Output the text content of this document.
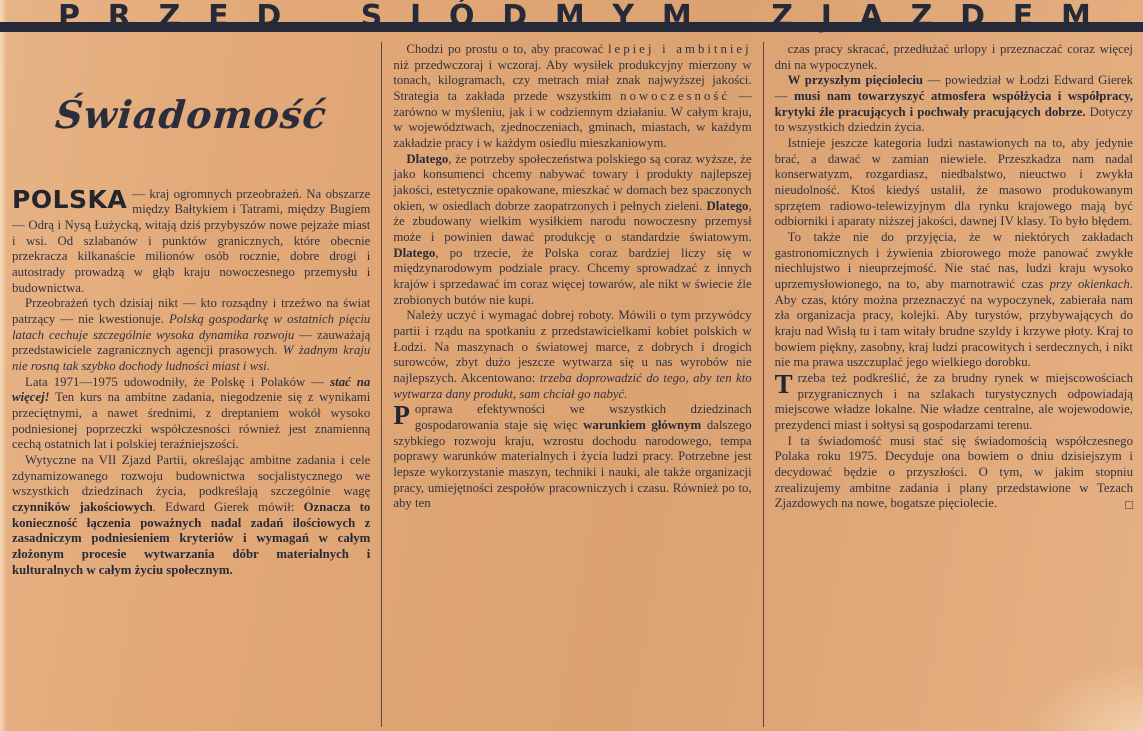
P R Z E D	S I Ó D M Y M	Z J A Z D E M
Świadomość

POLSKA — kraj ogromnych przeobrażeń. Na obszarze między Bałtykiem i Tatrami, między Bugiem — Odrą i Nysą Łużycką, witają dziś przybyszów nowe pejzaże miast i wsi. Od szlabanów i punktów granicznych, które obecnie przekracza kilkanaście milionów osób rocznie, dobre drogi i autostrady prowadzą w głąb kraju nowoczesnego przemysłu i budownictwa.

Przeobrażeń tych dzisiaj nikt — kto rozsądny i trzeźwo na świat patrzący — nie kwestionuje. Polską gospodarkę w ostatnich pięciu latach cechuje szczególnie wysoka dynamika rozwoju — zauważają przedstawiciele zagranicznych agencji prasowych. W żadnym kraju nie rosną tak szybko dochody ludności miast i wsi.

Lata 1971—1975 udowodniły, że Polskę i Polaków — stać na więcej! Ten kurs na ambitne zadania, niegodzenie się z wynikami przeciętnymi, a nawet średnimi, z dreptaniem wokół wysoko podniesionej poprzeczki współczesności również jest znamienną cechą ostatnich lat i polskiej teraźniejszości.

Wytyczne na VII Zjazd Partii, określając ambitne zadania i cele zdynamizowanego rozwoju budownictwa socjalistycznego we wszystkich dziedzinach życia, podkreślają szczególnie wagę czynników jakościowych. Edward Gierek mówił: Oznacza to konieczność łączenia poważnych nadal zadań ilościowych z zasadniczym podniesieniem kryteriów i wymagań w całym złożonym procesie wytwarzania dóbr materialnych i kulturalnych w całym życiu społecznym.

Chodzi po prostu o to, aby pracować lepiej i ambitniej niż przedwczoraj i wczoraj. Aby wysiłek produkcyjny mierzony w tonach, kilogramach, czy metrach miał znak najwyższej jakości. Strategia ta zakłada przede wszystkim nowoczesność — zarówno w myśleniu, jak i w codziennym działaniu. W całym kraju, w województwach, zjednoczeniach, gminach, miastach, w każdym zakładzie pracy i w każdym osiedlu mieszkaniowym.

Dlatego, że potrzeby społeczeństwa polskiego są coraz wyższe, że jako konsumenci chcemy nabywać towary i produkty najlepszej jakości, estetycznie opakowane, mieszkać w domach bez spaczonych okien, w osiedlach dobrze zaopatrzonych i pełnych zieleni. Dlatego, że zbudowany wielkim wysiłkiem narodu nowoczesny przemysł może i powinien dawać produkcję o standardzie światowym. Dlatego, po trzecie, że Polska coraz bardziej liczy się w międzynarodowym podziale pracy. Chcemy sprowadzać z innych krajów i sprzedawać im coraz więcej towarów, ale nikt w świecie źle zrobionych butów nie kupi.

Należy uczyć i wymagać dobrej roboty. Mówili o tym przywódcy partii i rządu na spotkaniu z przedstawicielkami kobiet polskich w Łodzi. Na maszynach o światowej marce, z dobrych i drogich surowców, zbyt dużo jeszcze wytwarza się u nas wyrobów nie najlepszych. Akcentowano: trzeba doprowadzić do tego, aby ten kto wytwarza dany produkt, sam chciał go nabyć.

Poprawa efektywności we wszystkich dziedzinach gospodarowania staje się więc warunkiem głównym dalszego szybkiego rozwoju kraju, wzrostu dochodu narodowego, tempa poprawy warunków materialnych i życia ludzi pracy. Potrzebne jest lepsze wykorzystanie maszyn, techniki i nauki, ale także organizacji pracy, umiejętności zespołów pracowniczych i czasu. Również po to, aby ten

czas pracy skracać, przedłużać urlopy i przeznaczać coraz więcej dni na wypoczynek.

W przyszłym pięcioleciu — powiedział w Łodzi Edward Gierek — musi nam towarzyszyć atmosfera współżycia i współpracy, krytyki źle pracujących i pochwały pracujących dobrze. Dotyczy to wszystkich dziedzin życia.

Istnieje jeszcze kategoria ludzi nastawionych na to, aby jedynie brać, a dawać w zamian niewiele. Przeszkadza nam nadal konserwatyzm, rozgardiasz, niedbalstwo, nieuctwo i zwykła nieudolność. Ktoś kiedyś ustalił, że masowo produkowanym sprzętem radiowo-telewizyjnym dla rynku krajowego mają być odbiorniki i aparaty niższej jakości, dawnej IV klasy. To było błędem.

To także nie do przyjęcia, że w niektórych zakładach gastronomicznych i żywienia zbiorowego może panować zwykłe niechlujstwo i nieuprzejmość. Nie stać nas, ludzi kraju wysoko uprzemysłowionego, na to, aby marnotrawić czas przy okienkach. Aby czas, który można przeznaczyć na wypoczynek, zabierała nam zła organizacja pracy, kolejki. Aby turystów, przybywających do kraju nad Wisłą tu i tam witały brudne szyldy i krzywe płoty. Kraj to bowiem piękny, zasobny, kraj ludzi pracowitych i serdecznych, i nikt nie ma prawa uszczuplać jego wielkiego dorobku.

Trzeba też podkreślić, że za brudny rynek w miejscowościach przygranicznych i na szlakach turystycznych odpowiadają miejscowe władze lokalne. Nie władze centralne, ale wojewodowie, prezydenci miast i sołtysi są gospodarzami terenu.

I ta świadomość musi stać się świadomością współczesnego Polaka roku 1975. Decyduje ona bowiem o dniu dzisiejszym i decydować będzie o przyszłości. O tym, w jakim stopniu zrealizujemy ambitne zadania i plany przedstawione w Tezach Zjazdowych na nowe, bogatsze pięciolecie.	□
